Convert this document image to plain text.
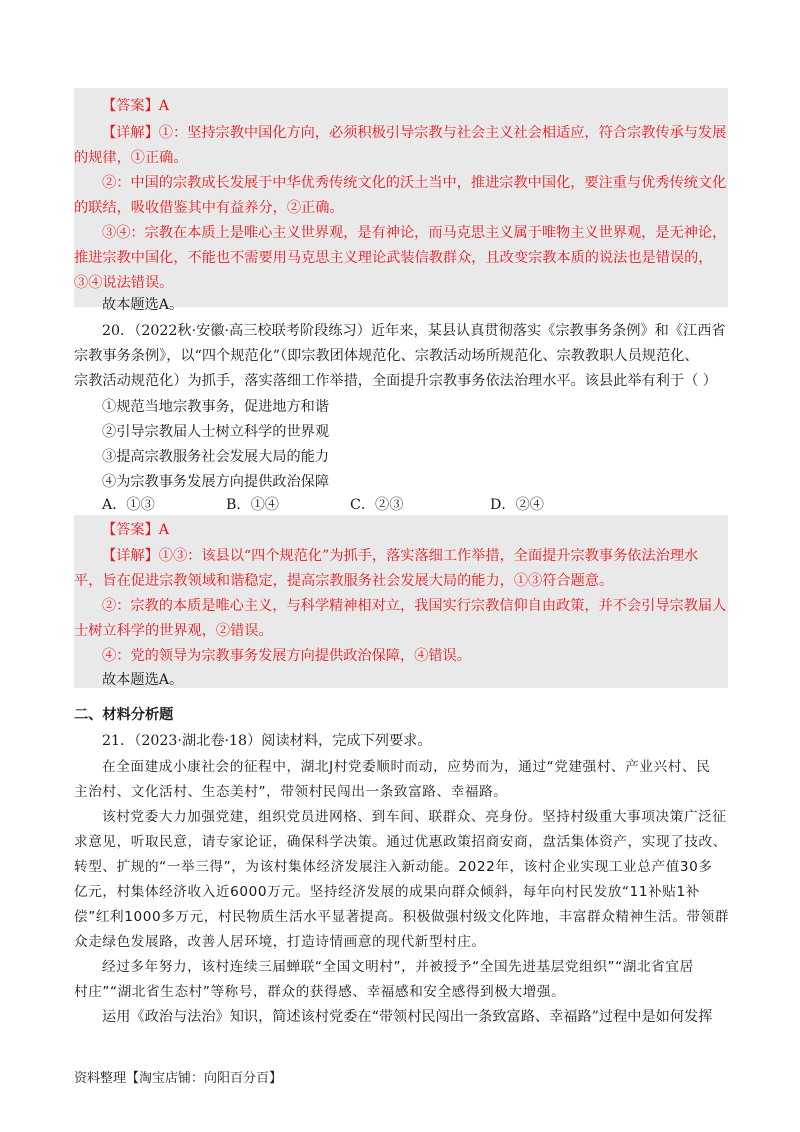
【答案】A
【详解】①：坚持宗教中国化方向，必须积极引导宗教与社会主义社会相适应，符合宗教传承与发展
的规律，①正确。
②：中国的宗教成长发展于中华优秀传统文化的沃土当中，推进宗教中国化，要注重与优秀传统文化
的联结，吸收借鉴其中有益养分，②正确。
③④：宗教在本质上是唯心主义世界观，是有神论，而马克思主义属于唯物主义世界观，是无神论，
推进宗教中国化，不能也不需要用马克思主义理论武装信教群众，且改变宗教本质的说法也是错误的，
③④说法错误。
故本题选A。
20．（2022秋·安徽·高三校联考阶段练习）近年来，某县认真贯彻落实《宗教事务条例》和《江西省
宗教事务条例》，以“四个规范化”（即宗教团体规范化、宗教活动场所规范化、宗教教职人员规范化、
宗教活动规范化）为抓手，落实落细工作举措，全面提升宗教事务依法治理水平。该县此举有利于（ ）
①规范当地宗教事务，促进地方和谐
②引导宗教届人士树立科学的世界观
③提高宗教服务社会发展大局的能力
④为宗教事务发展方向提供政治保障
A．①③	B．①④	C．②③	D．②④
【答案】A
【详解】①③：该县以“四个规范化”为抓手，落实落细工作举措，全面提升宗教事务依法治理水
平，旨在促进宗教领域和谐稳定，提高宗教服务社会发展大局的能力，①③符合题意。
②：宗教的本质是唯心主义，与科学精神相对立，我国实行宗教信仰自由政策，并不会引导宗教届人
士树立科学的世界观，②错误。
④：党的领导为宗教事务发展方向提供政治保障，④错误。
故本题选A。
二、材料分析题
21．（2023·湖北卷·18）阅读材料，完成下列要求。
在全面建成小康社会的征程中，湖北J村党委顺时而动，应势而为，通过“党建强村、产业兴村、民
主治村、文化活村、生态美村”，带领村民闯出一条致富路、幸福路。
该村党委大力加强党建，组织党员进网格、到车间、联群众、亮身份。坚持村级重大事项决策广泛征
求意见，听取民意，请专家论证，确保科学决策。通过优惠政策招商安商，盘活集体资产，实现了技改、
转型、扩规的“一举三得”，为该村集体经济发展注入新动能。2022年，该村企业实现工业总产值30多
亿元，村集体经济收入近6000万元。坚持经济发展的成果向群众倾斜，每年向村民发放“11补贴1补
偿”红利1000多万元，村民物质生活水平显著提高。积极做强村级文化阵地，丰富群众精神生活。带领群
众走绿色发展路，改善人居环境，打造诗情画意的现代新型村庄。
经过多年努力，该村连续三届蝉联“全国文明村”，并被授予“全国先进基层党组织”“湖北省宜居
村庄”“湖北省生态村”等称号，群众的获得感、幸福感和安全感得到极大增强。
运用《政治与法治》知识，简述该村党委在“带领村民闯出一条致富路、幸福路”过程中是如何发挥
资料整理【淘宝店铺：向阳百分百】
